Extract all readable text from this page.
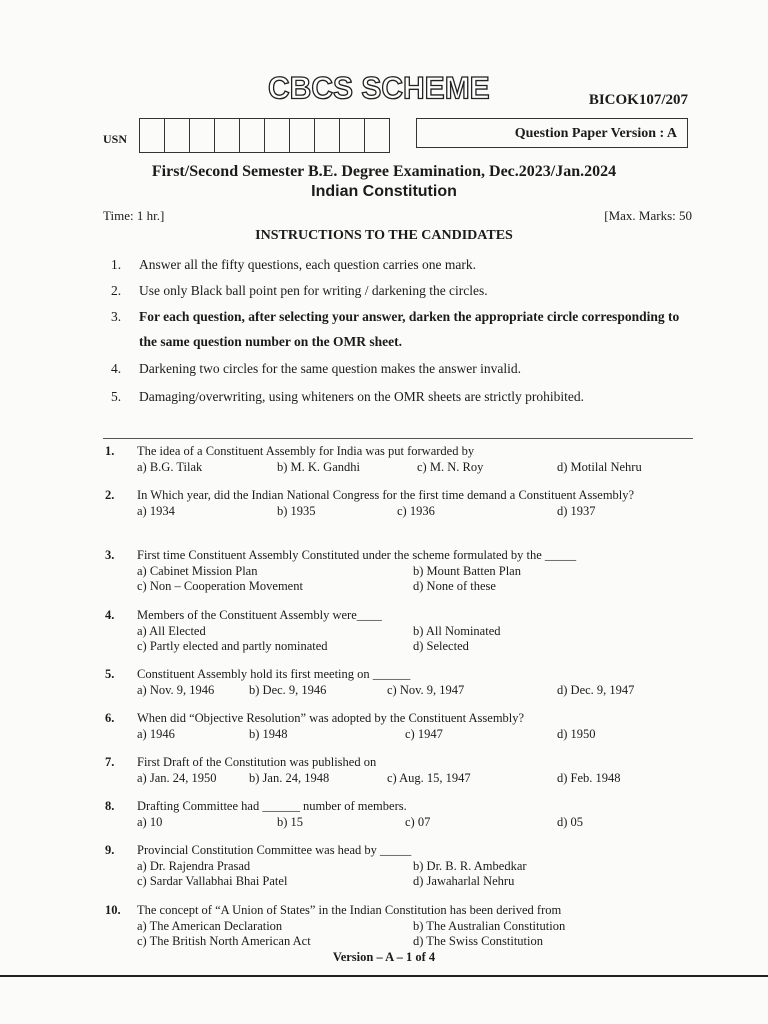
CBCS SCHEME	BICOK107/207
USN	Question Paper Version : A
First/Second Semester B.E. Degree Examination, Dec.2023/Jan.2024
Indian Constitution
Time: 1 hr.]	[Max. Marks: 50
INSTRUCTIONS TO THE CANDIDATES
1. Answer all the fifty questions, each question carries one mark.
2. Use only Black ball point pen for writing / darkening the circles.
3. For each question, after selecting your answer, darken the appropriate circle corresponding to the same question number on the OMR sheet.
4. Darkening two circles for the same question makes the answer invalid.
5. Damaging/overwriting, using whiteners on the OMR sheets are strictly prohibited.
1. The idea of a Constituent Assembly for India was put forwarded by
a) B.G. Tilak	b) M. K. Gandhi	c) M. N. Roy	d) Motilal Nehru
2. In Which year, did the Indian National Congress for the first time demand a Constituent Assembly?
a) 1934	b) 1935	c) 1936	d) 1937
3. First time Constituent Assembly Constituted under the scheme formulated by the _____
a) Cabinet Mission Plan	b) Mount Batten Plan
c) Non – Cooperation Movement	d) None of these
4. Members of the Constituent Assembly were____
a) All Elected	b) All Nominated
c) Partly elected and partly nominated	d) Selected
5. Constituent Assembly hold its first meeting on ______
a) Nov. 9, 1946	b) Dec. 9, 1946	c) Nov. 9, 1947	d) Dec. 9, 1947
6. When did “Objective Resolution” was adopted by the Constituent Assembly?
a) 1946	b) 1948	c) 1947	d) 1950
7. First Draft of the Constitution was published on
a) Jan. 24, 1950	b) Jan. 24, 1948	c) Aug. 15, 1947	d) Feb. 1948
8. Drafting Committee had ______ number of members.
a) 10	b) 15	c) 07	d) 05
9. Provincial Constitution Committee was head by _____
a) Dr. Rajendra Prasad	b) Dr. B. R. Ambedkar
c) Sardar Vallabhai Bhai Patel	d) Jawaharlal Nehru
10. The concept of “A Union of States” in the Indian Constitution has been derived from
a) The American Declaration	b) The Australian Constitution
c) The British North American Act	d) The Swiss Constitution
Version – A – 1 of 4
